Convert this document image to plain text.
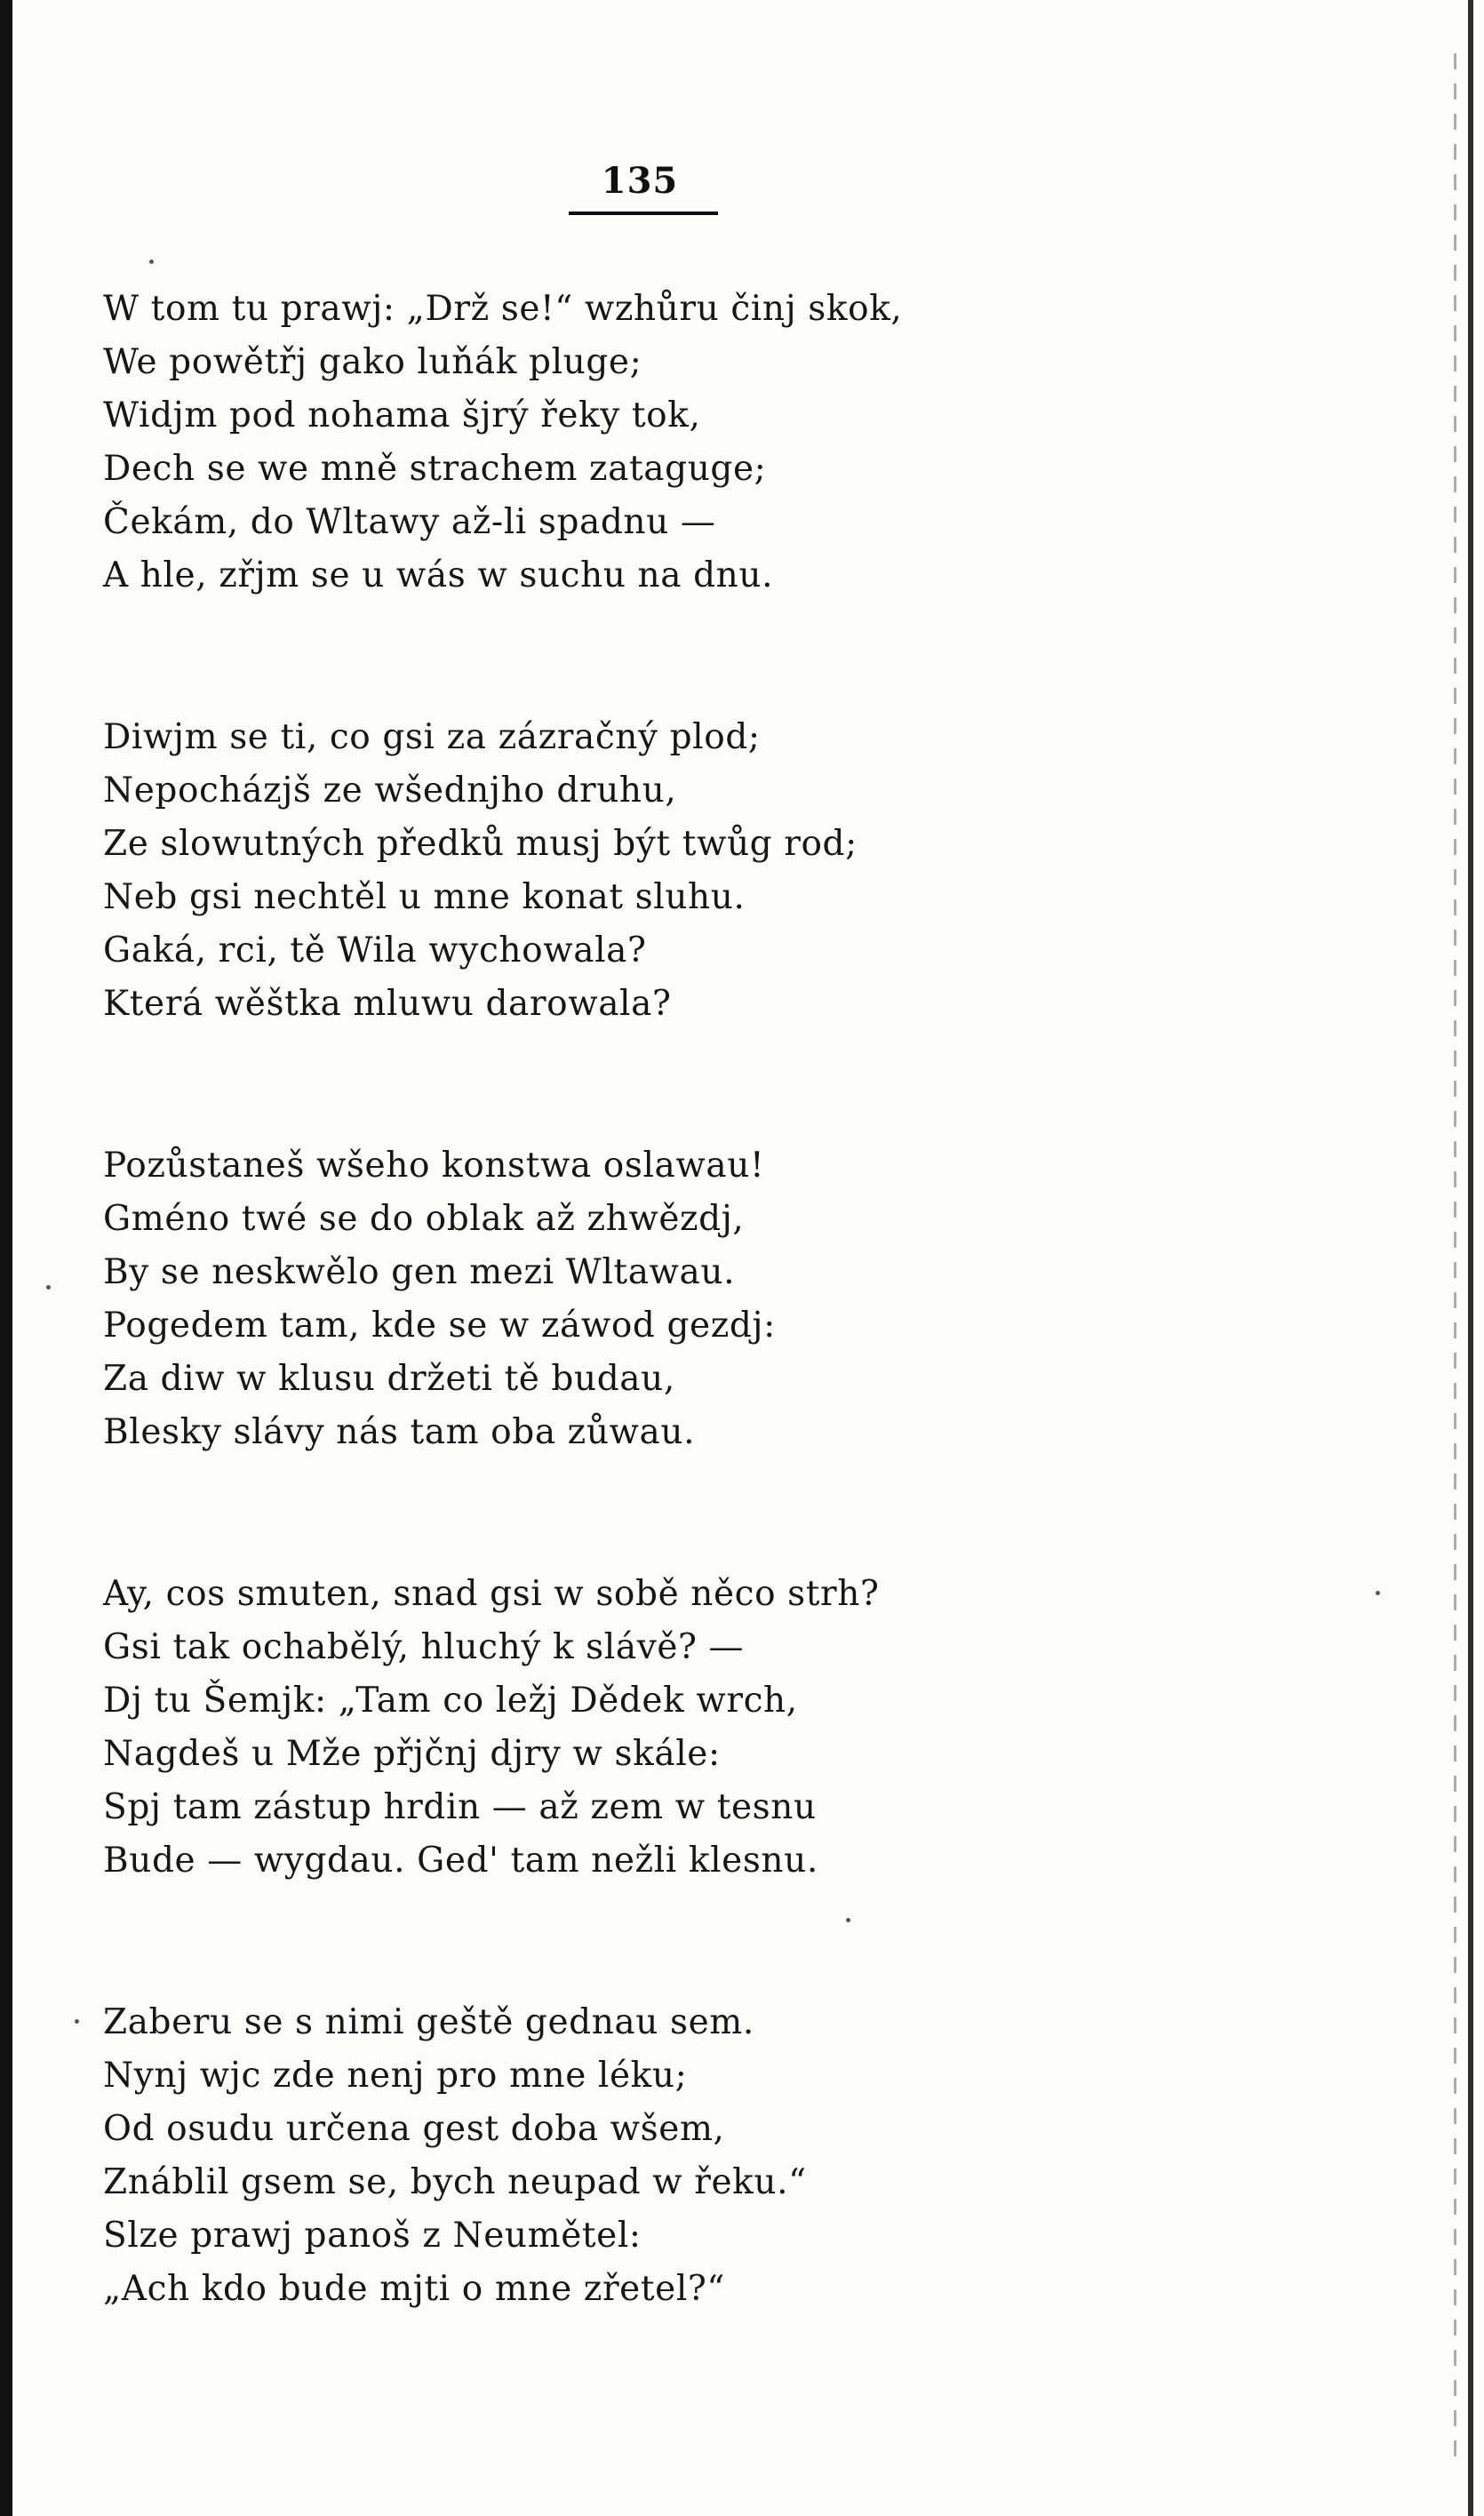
135
W tom tu prawj: „Drž se!“ wzhůru činj skok,
We powětřj gako luňák pluge;
Widjm pod nohama šjrý řeky tok,
Dech se we mně strachem zataguge;
Čekám, do Wltawy až-li spadnu —
A hle, zřjm se u wás w suchu na dnu.
Diwjm se ti, co gsi za zázračný plod;
Nepocházjš ze wšednjho druhu,
Ze slowutných předků musj být twůg rod;
Neb gsi nechtěl u mne konat sluhu.
Gaká, rci, tě Wila wychowala?
Která wěštka mluwu darowala?
Pozůstaneš wšeho konstwa oslawau!
Gméno twé se do oblak až zhwězdj,
By se neskwělo gen mezi Wltawau.
Pogedem tam, kde se w záwod gezdj:
Za diw w klusu držeti tě budau,
Blesky slávy nás tam oba zůwau.
Ay, cos smuten, snad gsi w sobě něco strh?
Gsi tak ochabělý, hluchý k slávě? —
Dj tu Šemjk: „Tam co ležj Dědek wrch,
Nagdeš u Mže přjčnj djry w skále:
Spj tam zástup hrdin — až zem w tesnu
Bude — wygdau. Ged' tam nežli klesnu.
Zaberu se s nimi geště gednau sem.
Nynj wjc zde nenj pro mne léku;
Od osudu určena gest doba wšem,
Znáblil gsem se, bych neupad w řeku.“
Slze prawj panoš z Neumětel:
„Ach kdo bude mjti o mne zřetel?“
